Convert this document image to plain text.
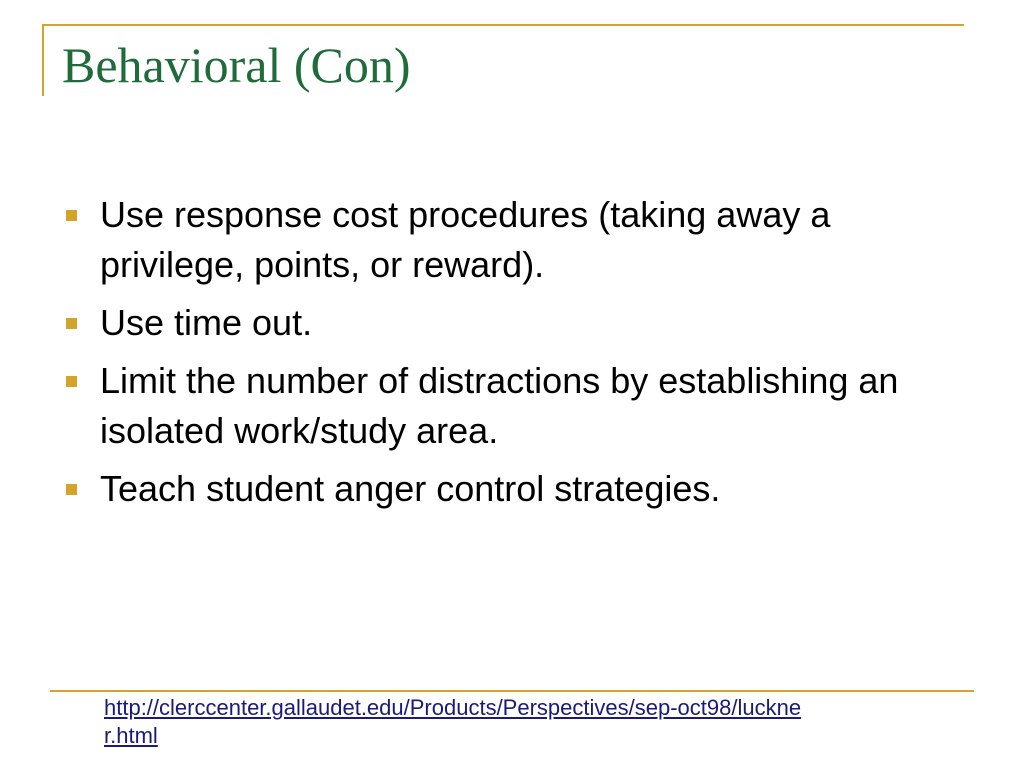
Behavioral (Con)
Use response cost procedures (taking away a privilege, points, or reward).
Use time out.
Limit the number of distractions by establishing an isolated work/study area.
Teach student anger control strategies.
http://clerccenter.gallaudet.edu/Products/Perspectives/sep-oct98/luckner.html
